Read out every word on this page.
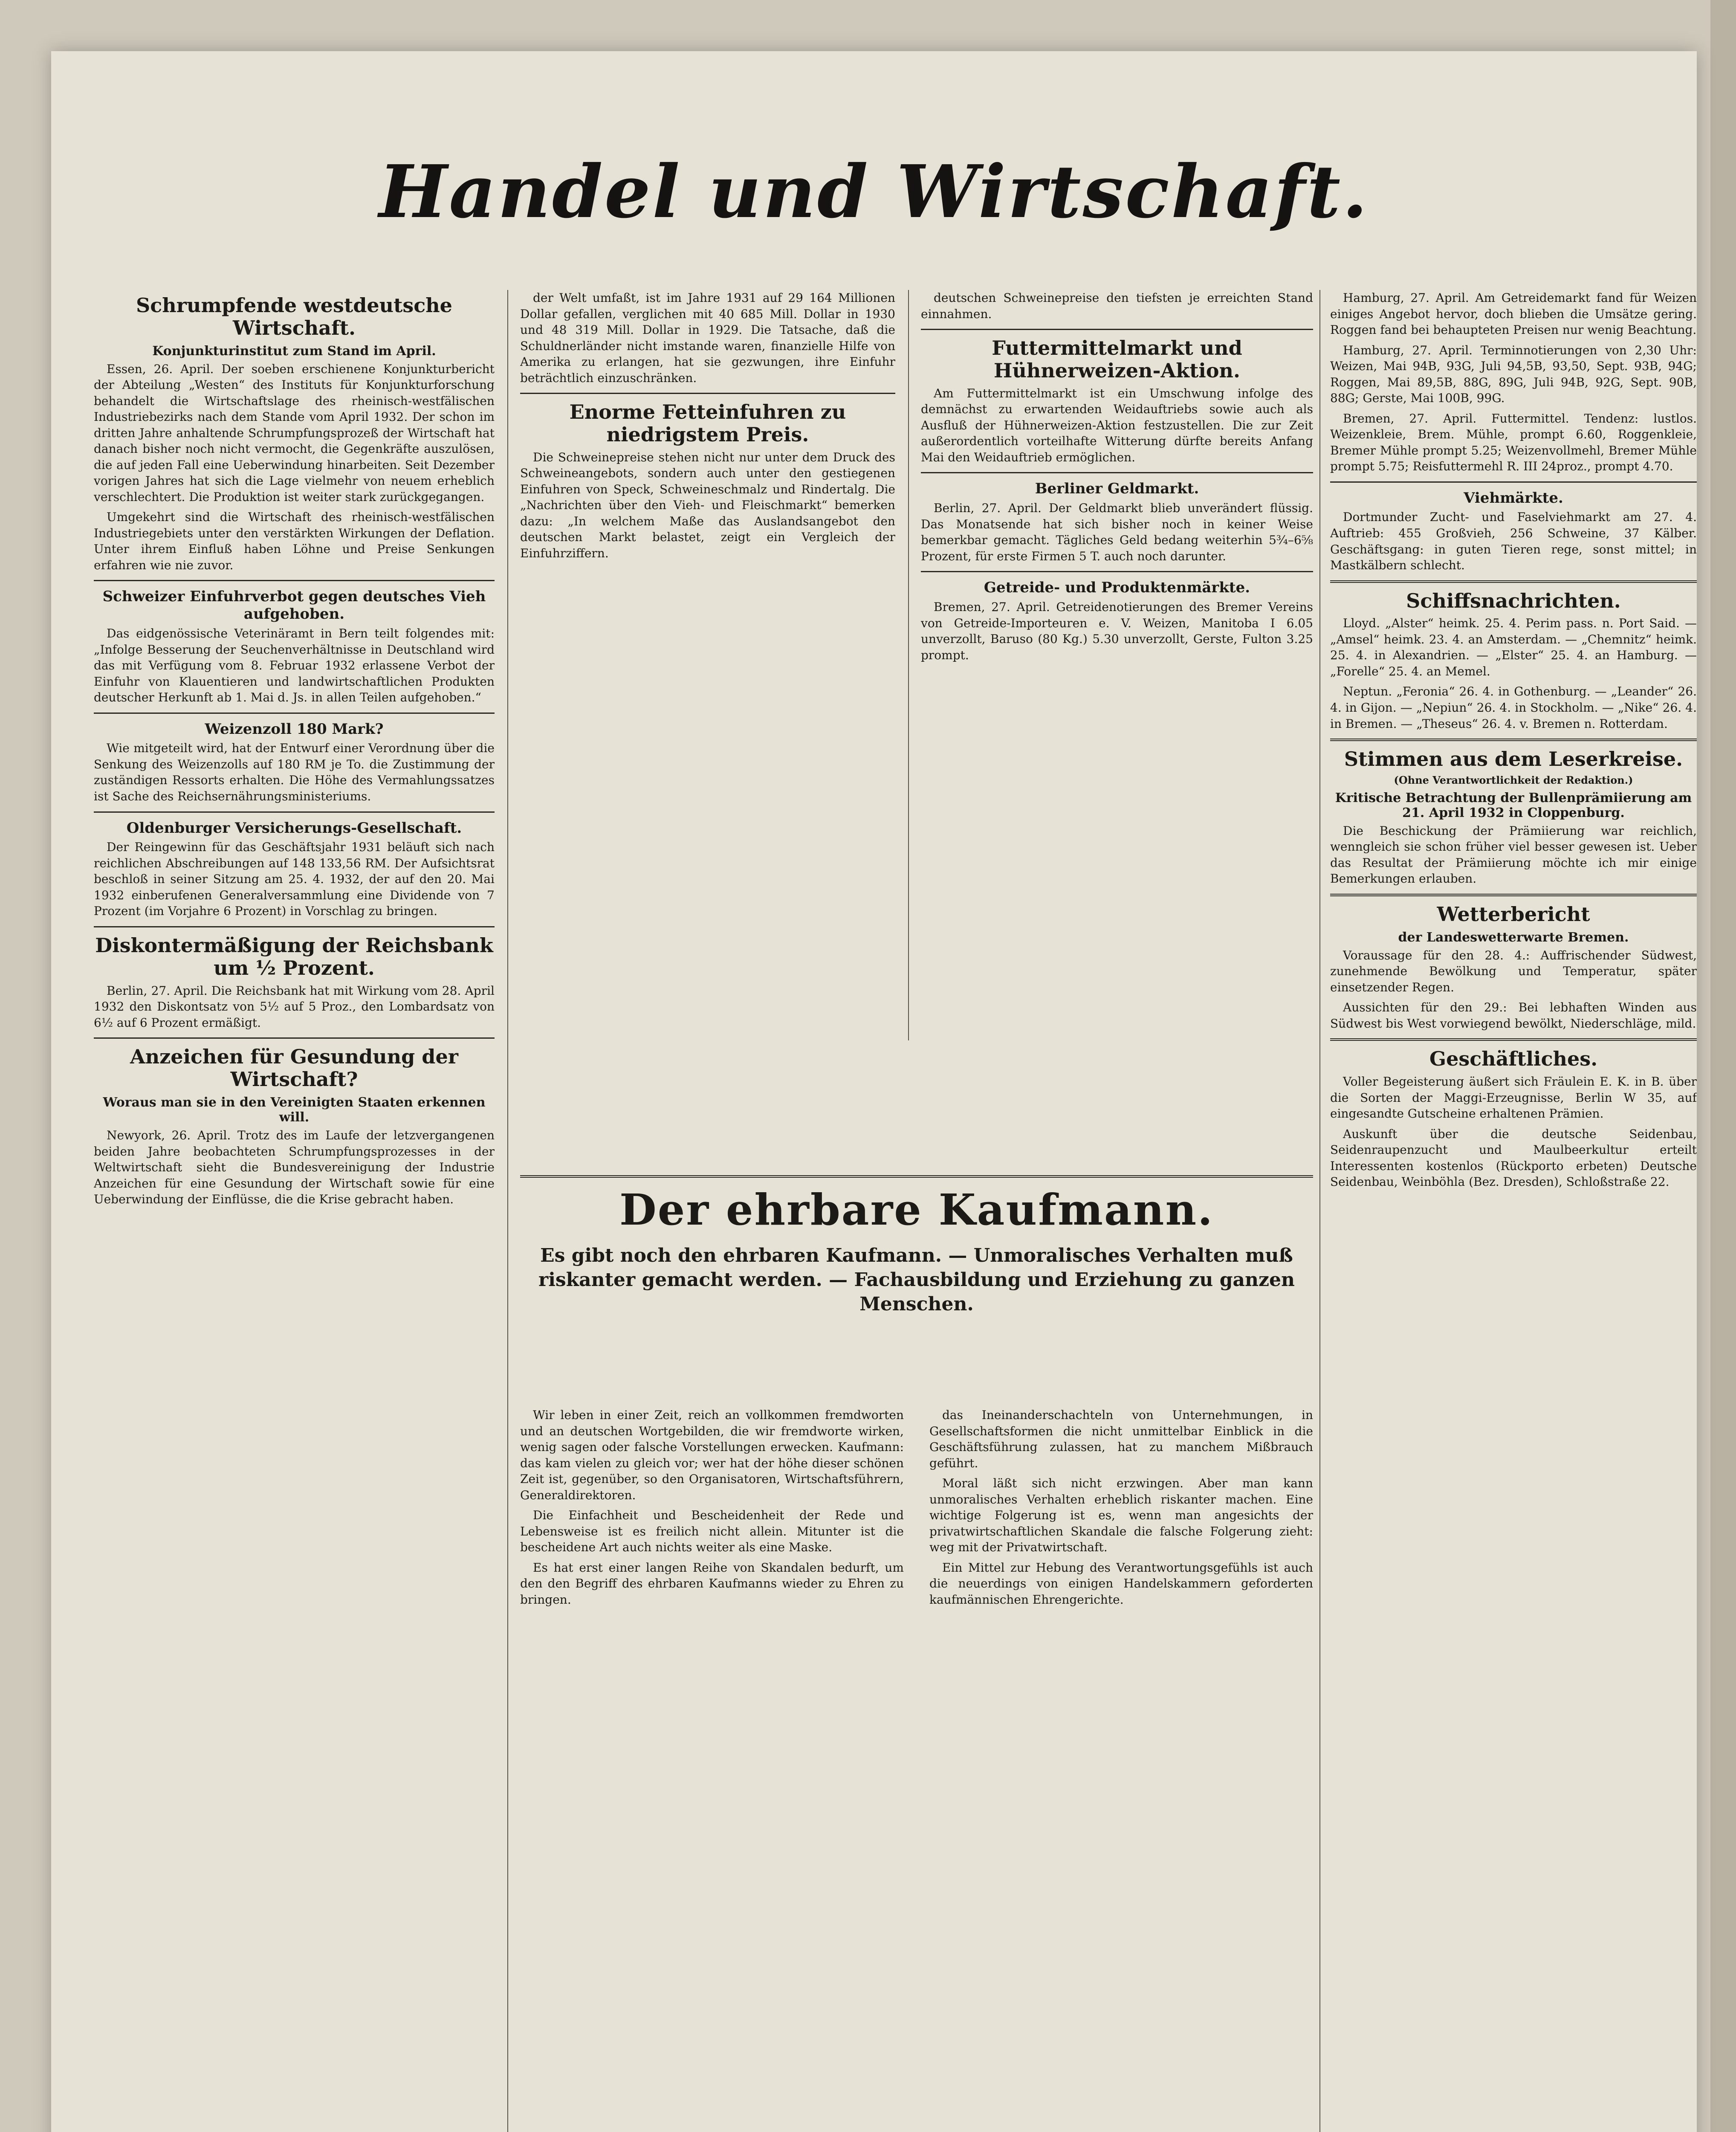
Handel und Wirtschaft.
Schrumpfende westdeutsche Wirtschaft.
Konjunkturinstitut zum Stand im April.

Essen, 26. April. Der soeben erschienene Konjunkturbericht der Abteilung „Westen“ des Instituts für Konjunkturforschung behandelt die Wirtschaftslage des rheinisch-westfälischen Industriebezirks nach dem Stande vom April 1932. Der schon im dritten Jahre anhaltende Schrumpfungsprozeß der Wirtschaft hat danach bisher noch nicht vermocht, die Gegenkräfte auszulösen, die auf jeden Fall eine Ueberwindung hinarbeiten. Seit Dezember vorigen Jahres hat sich die Lage vielmehr von neuem erheblich verschlechtert. Die Produktion ist weiter stark zurückgegangen.

Umgekehrt sind die Wirtschaft des rheinisch-westfälischen Industriegebiets unter den verstärkten Wirkungen der Deflation. Unter ihrem Einfluß haben Löhne und Preise Senkungen erfahren wie nie zuvor.

Schweizer Einfuhrverbot gegen deutsches Vieh aufgehoben.

Das eidgenössische Veterinäramt in Bern teilt folgendes mit: „Infolge Besserung der Seuchenverhältnisse in Deutschland wird das mit Verfügung vom 8. Februar 1932 erlassene Verbot der Einfuhr von Klauentieren und landwirtschaftlichen Produkten deutscher Herkunft ab 1. Mai d. Js. in allen Teilen aufgehoben.“

Weizenzoll 180 Mark?

Wie mitgeteilt wird, hat der Entwurf einer Verordnung über die Senkung des Weizenzolls auf 180 RM je To. die Zustimmung der zuständigen Ressorts erhalten. Die Höhe des Vermahlungssatzes ist Sache des Reichsernährungsministeriums.

Oldenburger Versicherungs-Gesellschaft.

Der Reingewinn für das Geschäftsjahr 1931 beläuft sich nach reichlichen Abschreibungen auf 148 133,56 RM. Der Aufsichtsrat beschloß in seiner Sitzung am 25. 4. 1932, der auf den 20. Mai 1932 einberufenen Generalversammlung eine Dividende von 7 Prozent (im Vorjahre 6 Prozent) in Vorschlag zu bringen.

Diskontermäßigung der Reichsbank um ½ Prozent.

Berlin, 27. April. Die Reichsbank hat mit Wirkung vom 28. April 1932 den Diskontsatz von 5½ auf 5 Proz., den Lombardsatz von 6½ auf 6 Prozent ermäßigt.

Anzeichen für Gesundung der Wirtschaft?
Woraus man sie in den Vereinigten Staaten erkennen will.

Newyork, 26. April. Trotz des im Laufe der letzvergangenen beiden Jahre beobachteten Schrumpfungsprozesses in der Weltwirtschaft sieht die Bundesvereinigung der Industrie Anzeichen für eine Gesundung der Wirtschaft sowie für eine Ueberwindung der Einflüsse, die die Krise gebracht haben.

der Welt umfaßt, ist im Jahre 1931 auf 29 164 Millionen Dollar gefallen, verglichen mit 40 685 Mill. Dollar in 1930 und 48 319 Mill. Dollar in 1929. Die Tatsache, daß die Schuldnerländer nicht imstande waren, finanzielle Hilfe von Amerika zu erlangen, hat sie gezwungen, ihre Einfuhr beträchtlich einzuschränken.

Enorme Fetteinfuhren zu niedrigstem Preis.

Die Schweinepreise stehen nicht nur unter dem Druck des Schweineangebots, sondern auch unter den gestiegenen Einfuhren von Speck, Schweineschmalz und Rindertalg. Die „Nachrichten über den Vieh- und Fleischmarkt“ bemerken dazu: „In welchem Maße das Auslandsangebot den deutschen Markt belastet, zeigt ein Vergleich der Einfuhrziffern.

deutschen Schweinepreise den tiefsten je erreichten Stand einnahmen.

Futtermittelmarkt und Hühnerweizen-Aktion.

Am Futtermittelmarkt ist ein Umschwung infolge des demnächst zu erwartenden Weidauftriebs sowie auch als Ausfluß der Hühnerweizen-Aktion festzustellen. Die zur Zeit außerordentlich vorteilhafte Witterung dürfte bereits Anfang Mai den Weidauftrieb ermöglichen.

Berliner Geldmarkt.

Berlin, 27. April. Der Geldmarkt blieb unverändert flüssig. Das Monatsende hat sich bisher noch in keiner Weise bemerkbar gemacht. Tägliches Geld bedang weiterhin 5¾–6⅝ Prozent, für erste Firmen 5 T. auch noch darunter.

Getreide- und Produktenmärkte.

Bremen, 27. April. Getreidenotierungen des Bremer Vereins von Getreide-Importeuren e. V. Weizen, Manitoba I 6.05 unverzollt, Baruso (80 Kg.) 5.30 unverzollt, Gerste, Fulton 3.25 prompt.

Der ehrbare Kaufmann.
Es gibt noch den ehrbaren Kaufmann. — Unmoralisches Verhalten muß riskanter gemacht werden. — Fachausbildung und Erziehung zu ganzen Menschen.

Wir leben in einer Zeit, reich an vollkommen fremdworten und an deutschen Wortgebilden, die wir fremdworte wirken, wenig sagen oder falsche Vorstellungen erwecken. Kaufmann: das kam vielen zu gleich vor; wer hat der höhe dieser schönen Zeit ist, gegenüber, so den Organisatoren, Wirtschaftsführern, Generaldirektoren.

Die Einfachheit und Bescheidenheit der Rede und Lebensweise ist es freilich nicht allein. Mitunter ist die bescheidene Art auch nichts weiter als eine Maske.

Es hat erst einer langen Reihe von Skandalen bedurft, um den den Begriff des ehrbaren Kaufmanns wieder zu Ehren zu bringen.

das Ineinanderschachteln von Unternehmungen, in Gesellschaftsformen die nicht unmittelbar Einblick in die Geschäftsführung zulassen, hat zu manchem Mißbrauch geführt.

Moral läßt sich nicht erzwingen. Aber man kann unmoralisches Verhalten erheblich riskanter machen. Eine wichtige Folgerung ist es, wenn man angesichts der privatwirtschaftlichen Skandale die falsche Folgerung zieht: weg mit der Privatwirtschaft.

Ein Mittel zur Hebung des Verantwortungsgefühls ist auch die neuerdings von einigen Handelskammern geforderten kaufmännischen Ehrengerichte.

Hamburg, 27. April. Am Getreidemarkt fand für Weizen einiges Angebot hervor, doch blieben die Umsätze gering. Roggen fand bei behaupteten Preisen nur wenig Beachtung.

Hamburg, 27. April. Terminnotierungen von 2,30 Uhr: Weizen, Mai 94B, 93G, Juli 94,5B, 93,50, Sept. 93B, 94G; Roggen, Mai 89,5B, 88G, 89G, Juli 94B, 92G, Sept. 90B, 88G; Gerste, Mai 100B, 99G.

Bremen, 27. April. Futtermittel. Tendenz: lustlos. Weizenkleie, Brem. Mühle, prompt 6.60, Roggenkleie, Bremer Mühle prompt 5.25; Weizenvollmehl, Bremer Mühle prompt 5.75; Reisfuttermehl R. III 24proz., prompt 4.70.

Viehmärkte.

Dortmunder Zucht- und Faselviehmarkt am 27. 4. Auftrieb: 455 Großvieh, 256 Schweine, 37 Kälber. Geschäftsgang: in guten Tieren rege, sonst mittel; in Mastkälbern schlecht.

Schiffsnachrichten.

Lloyd. „Alster“ heimk. 25. 4. Perim pass. n. Port Said. — „Amsel“ heimk. 23. 4. an Amsterdam. — „Chemnitz“ heimk. 25. 4. in Alexandrien. — „Elster“ 25. 4. an Hamburg. — „Forelle“ 25. 4. an Memel.

Neptun. „Feronia“ 26. 4. in Gothenburg. — „Leander“ 26. 4. in Gijon. — „Nepiun“ 26. 4. in Stockholm. — „Nike“ 26. 4. in Bremen. — „Theseus“ 26. 4. v. Bremen n. Rotterdam.

Stimmen aus dem Leserkreise.
(Ohne Verantwortlichkeit der Redaktion.)
Kritische Betrachtung der Bullenprämiierung am 21. April 1932 in Cloppenburg.

Die Beschickung der Prämiierung war reichlich, wenngleich sie schon früher viel besser gewesen ist. Ueber das Resultat der Prämiierung möchte ich mir einige Bemerkungen erlauben.

Wetterbericht
der Landeswetterwarte Bremen.

Voraussage für den 28. 4.: Auffrischender Südwest, zunehmende Bewölkung und Temperatur, später einsetzender Regen.

Aussichten für den 29.: Bei lebhaften Winden aus Südwest bis West vorwiegend bewölkt, Niederschläge, mild.

Geschäftliches.

Voller Begeisterung äußert sich Fräulein E. K. in B. über die Sorten der Maggi-Erzeugnisse, Berlin W 35, auf eingesandte Gutscheine erhaltenen Prämien.

Auskunft über die deutsche Seidenbau, Seidenraupenzucht und Maulbeerkultur erteilt Interessenten kostenlos (Rückporto erbeten) Deutsche Seidenbau, Weinböhla (Bez. Dresden), Schloßstraße 22.
